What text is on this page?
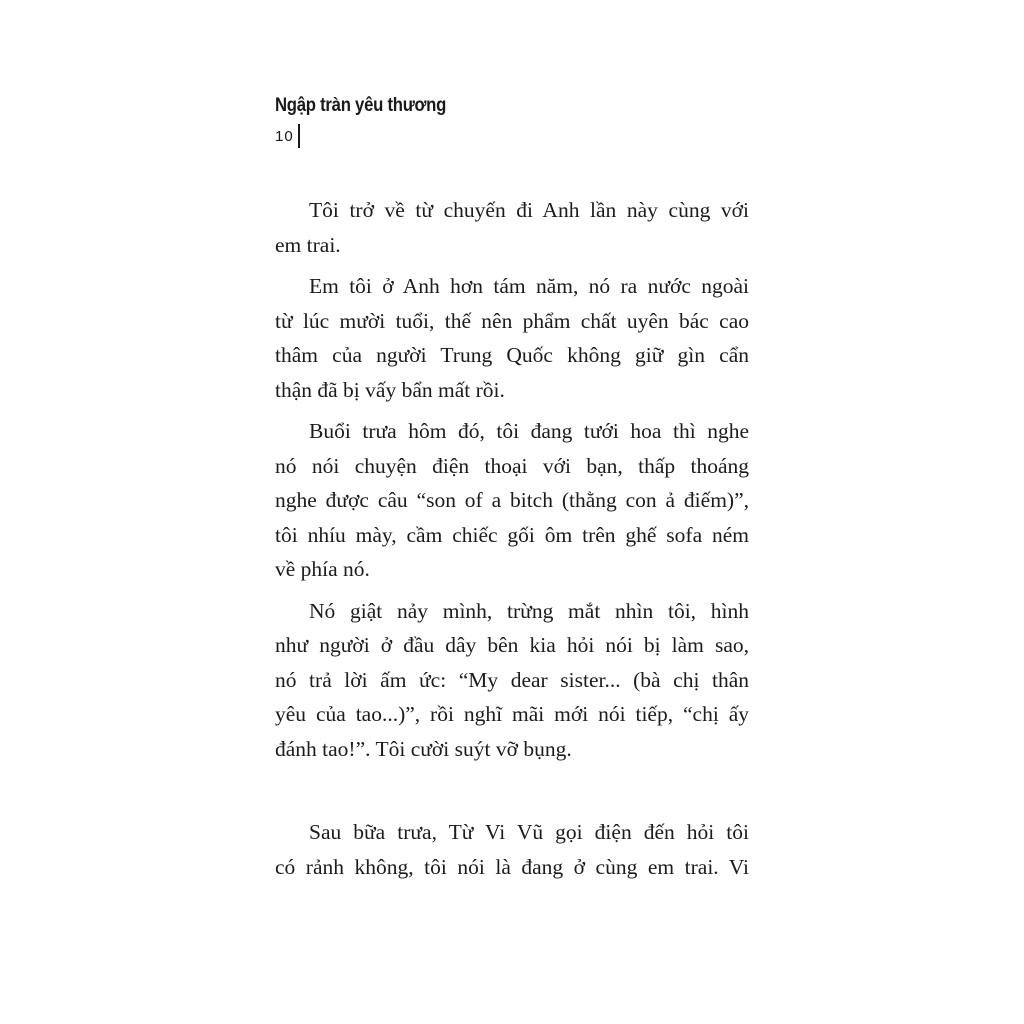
Ngập tràn yêu thương
10

Tôi trở về từ chuyến đi Anh lần này cùng với
em trai.

Em tôi ở Anh hơn tám năm, nó ra nước ngoài
từ lúc mười tuổi, thế nên phẩm chất uyên bác cao
thâm của người Trung Quốc không giữ gìn cẩn
thận đã bị vấy bẩn mất rồi.

Buổi trưa hôm đó, tôi đang tưới hoa thì nghe
nó nói chuyện điện thoại với bạn, thấp thoáng
nghe được câu “son of a bitch (thằng con ả điếm)”,
tôi nhíu mày, cầm chiếc gối ôm trên ghế sofa ném
về phía nó.

Nó giật nảy mình, trừng mắt nhìn tôi, hình
như người ở đầu dây bên kia hỏi nói bị làm sao,
nó trả lời ấm ức: “My dear sister... (bà chị thân
yêu của tao...)”, rồi nghĩ mãi mới nói tiếp, “chị ấy
đánh tao!”. Tôi cười suýt vỡ bụng.

Sau bữa trưa, Từ Vi Vũ gọi điện đến hỏi tôi
có rảnh không, tôi nói là đang ở cùng em trai. Vi
